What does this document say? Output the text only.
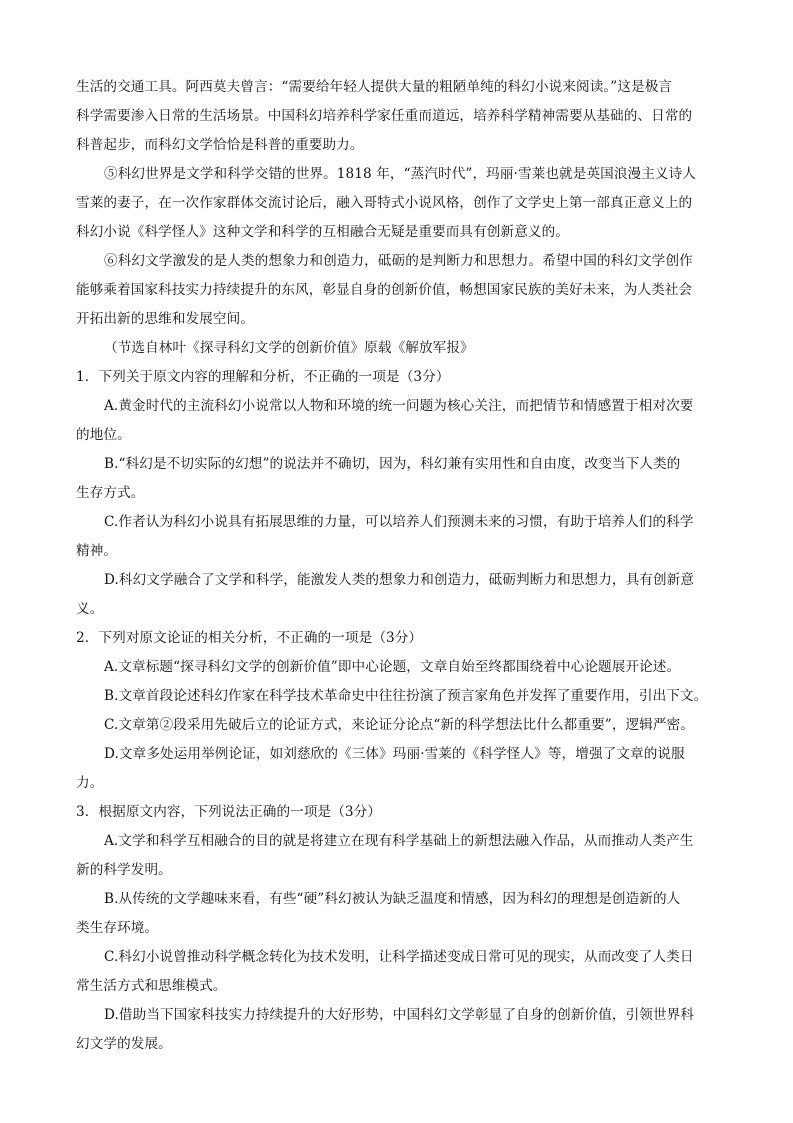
生活的交通工具。阿西莫夫曾言：“需要给年轻人提供大量的粗陋单纯的科幻小说来阅读。”这是极言
科学需要渗入日常的生活场景。中国科幻培养科学家任重而道远，培养科学精神需要从基础的、日常的
科普起步，而科幻文学恰恰是科普的重要助力。
⑤科幻世界是文学和科学交错的世界。1818 年，“蒸汽时代”，玛丽·雪莱也就是英国浪漫主义诗人
雪莱的妻子，在一次作家群体交流讨论后，融入哥特式小说风格，创作了文学史上第一部真正意义上的
科幻小说《科学怪人》这种文学和科学的互相融合无疑是重要而具有创新意义的。
⑥科幻文学激发的是人类的想象力和创造力，砥砺的是判断力和思想力。希望中国的科幻文学创作
能够乘着国家科技实力持续提升的东风，彰显自身的创新价值，畅想国家民族的美好未来，为人类社会
开拓出新的思维和发展空间。
（节选自林叶《探寻科幻文学的创新价值》原载《解放军报》
1．下列关于原文内容的理解和分析，不正确的一项是（3分）
A.黄金时代的主流科幻小说常以人物和环境的统一问题为核心关注，而把情节和情感置于相对次要
的地位。
B.“科幻是不切实际的幻想”的说法并不确切，因为，科幻兼有实用性和自由度，改变当下人类的
生存方式。
C.作者认为科幻小说具有拓展思维的力量，可以培养人们预测未来的习惯，有助于培养人们的科学
精神。
D.科幻文学融合了文学和科学，能激发人类的想象力和创造力，砥砺判断力和思想力，具有创新意
义。
2．下列对原文论证的相关分析，不正确的一项是（3分）
A.文章标题“探寻科幻文学的创新价值”即中心论题，文章自始至终都围绕着中心论题展开论述。
B.文章首段论述科幻作家在科学技术革命史中往往扮演了预言家角色并发挥了重要作用，引出下文。
C.文章第②段采用先破后立的论证方式，来论证分论点“新的科学想法比什么都重要”，逻辑严密。
D.文章多处运用举例论证，如刘慈欣的《三体》玛丽·雪莱的《科学怪人》等，增强了文章的说服
力。
3．根据原文内容，下列说法正确的一项是（3分）
A.文学和科学互相融合的目的就是将建立在现有科学基础上的新想法融入作品，从而推动人类产生
新的科学发明。
B.从传统的文学趣味来看，有些“硬”科幻被认为缺乏温度和情感，因为科幻的理想是创造新的人
类生存环境。
C.科幻小说曾推动科学概念转化为技术发明，让科学描述变成日常可见的现实，从而改变了人类日
常生活方式和思维模式。
D.借助当下国家科技实力持续提升的大好形势，中国科幻文学彰显了自身的创新价值，引领世界科
幻文学的发展。
